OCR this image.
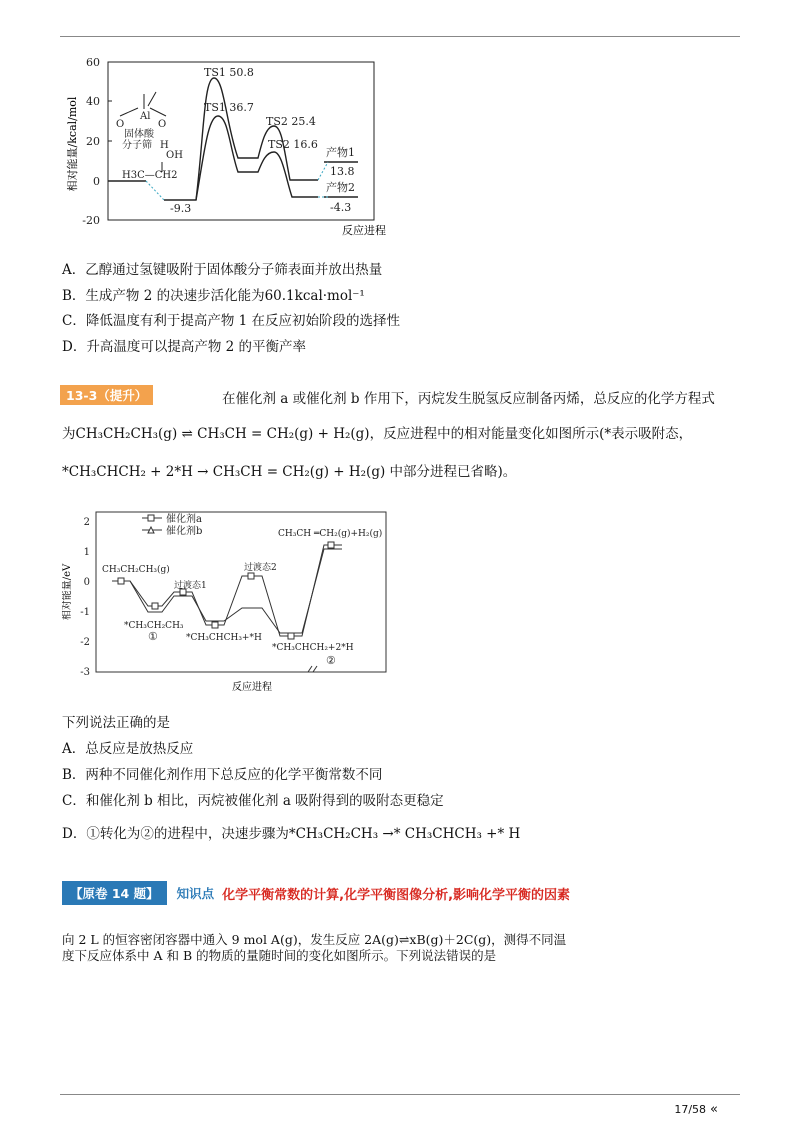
60
40
20
0
-20
相对能量/kcal/mol
反应进程
Al
O	O
固体酸
分子筛 H
OH
H3C—CH2
TS1 50.8
TS1 36.7
TS2 25.4
TS2 16.6
产物1
13.8
产物2
-4.3
-9.3
A．乙醇通过氢键吸附于固体酸分子筛表面并放出热量
B．生成产物 2 的决速步活化能为60.1kcal·mol⁻¹
C．降低温度有利于提高产物 1 在反应初始阶段的选择性
D．升高温度可以提高产物 2 的平衡产率
13-3（提升）	在催化剂 a 或催化剂 b 作用下，丙烷发生脱氢反应制备丙烯，总反应的化学方程式
为CH₃CH₂CH₃(g) ⇌ CH₃CH = CH₂(g) + H₂(g)，反应进程中的相对能量变化如图所示(*表示吸附态，
*CH₃CHCH₂ + 2*H → CH₃CH = CH₂(g) + H₂(g) 中部分进程已省略)。
2
1
0
-1
-2
-3
相对能量/eV
反应进程
催化剂a
催化剂b
CH₃CH₂CH₃(g)
过渡态1
过渡态2
*CH₃CH₂CH₃
①	*CH₃CHCH₃+*H
*CH₃CHCH₂+2*H
②
CH₃CH ═CH₂(g)+H₂(g)
下列说法正确的是
A．总反应是放热反应
B．两种不同催化剂作用下总反应的化学平衡常数不同
C．和催化剂 b 相比，丙烷被催化剂 a 吸附得到的吸附态更稳定
D．①转化为②的进程中，决速步骤为*CH₃CH₂CH₃ →* CH₃CHCH₃ +* H
【原卷 14 题】	知识点 化学平衡常数的计算,化学平衡图像分析,影响化学平衡的因素
向 2 L 的恒容密闭容器中通入 9 mol A(g)，发生反应 2A(g)⇌xB(g)＋2C(g)，测得不同温
度下反应体系中 A 和 B 的物质的量随时间的变化如图所示。下列说法错误的是
17/58 «
